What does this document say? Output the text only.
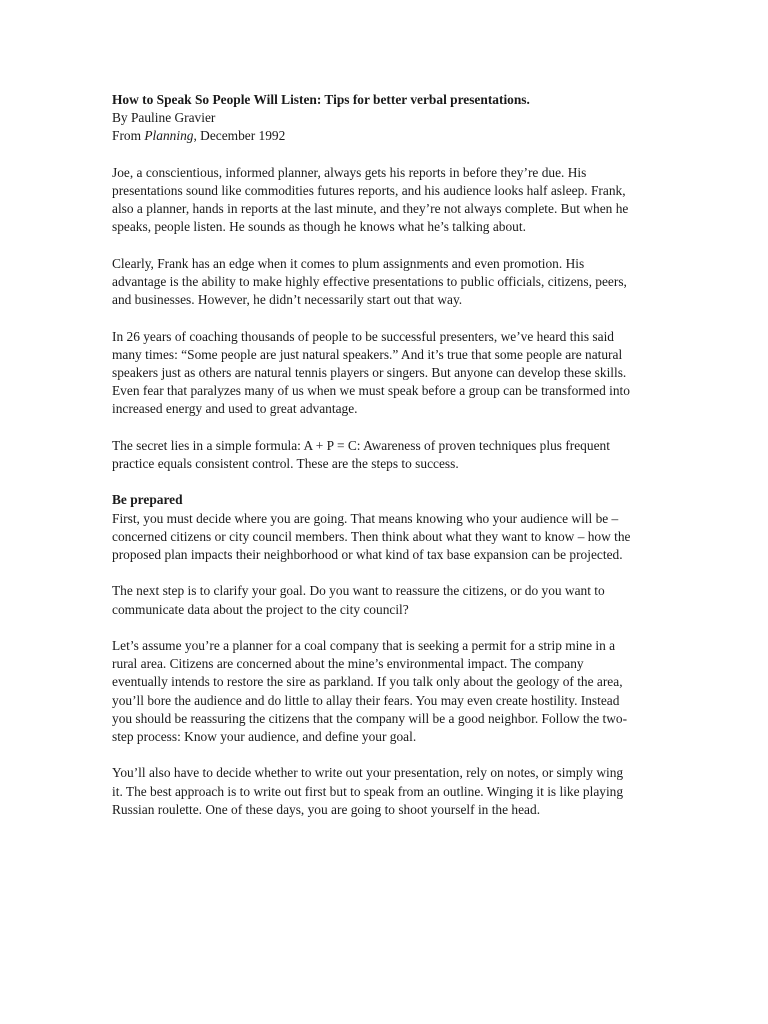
How to Speak So People Will Listen: Tips for better verbal presentations.

By Pauline Gravier

From Planning, December 1992

Joe, a conscientious, informed planner, always gets his reports in before they’re due. His presentations sound like commodities futures reports, and his audience looks half asleep. Frank, also a planner, hands in reports at the last minute, and they’re not always complete. But when he speaks, people listen. He sounds as though he knows what he’s talking about.

Clearly, Frank has an edge when it comes to plum assignments and even promotion. His advantage is the ability to make highly effective presentations to public officials, citizens, peers, and businesses. However, he didn’t necessarily start out that way.

In 26 years of coaching thousands of people to be successful presenters, we’ve heard this said many times: “Some people are just natural speakers.” And it’s true that some people are natural speakers just as others are natural tennis players or singers. But anyone can develop these skills. Even fear that paralyzes many of us when we must speak before a group can be transformed into increased energy and used to great advantage.

The secret lies in a simple formula: A + P = C: Awareness of proven techniques plus frequent practice equals consistent control. These are the steps to success.

Be prepared
First, you must decide where you are going. That means knowing who your audience will be – concerned citizens or city council members. Then think about what they want to know – how the proposed plan impacts their neighborhood or what kind of tax base expansion can be projected.

The next step is to clarify your goal. Do you want to reassure the citizens, or do you want to communicate data about the project to the city council?

Let’s assume you’re a planner for a coal company that is seeking a permit for a strip mine in a rural area. Citizens are concerned about the mine’s environmental impact. The company eventually intends to restore the sire as parkland. If you talk only about the geology of the area, you’ll bore the audience and do little to allay their fears. You may even create hostility. Instead you should be reassuring the citizens that the company will be a good neighbor. Follow the two-step process: Know your audience, and define your goal.

You’ll also have to decide whether to write out your presentation, rely on notes, or simply wing it. The best approach is to write out first but to speak from an outline. Winging it is like playing Russian roulette. One of these days, you are going to shoot yourself in the head.
